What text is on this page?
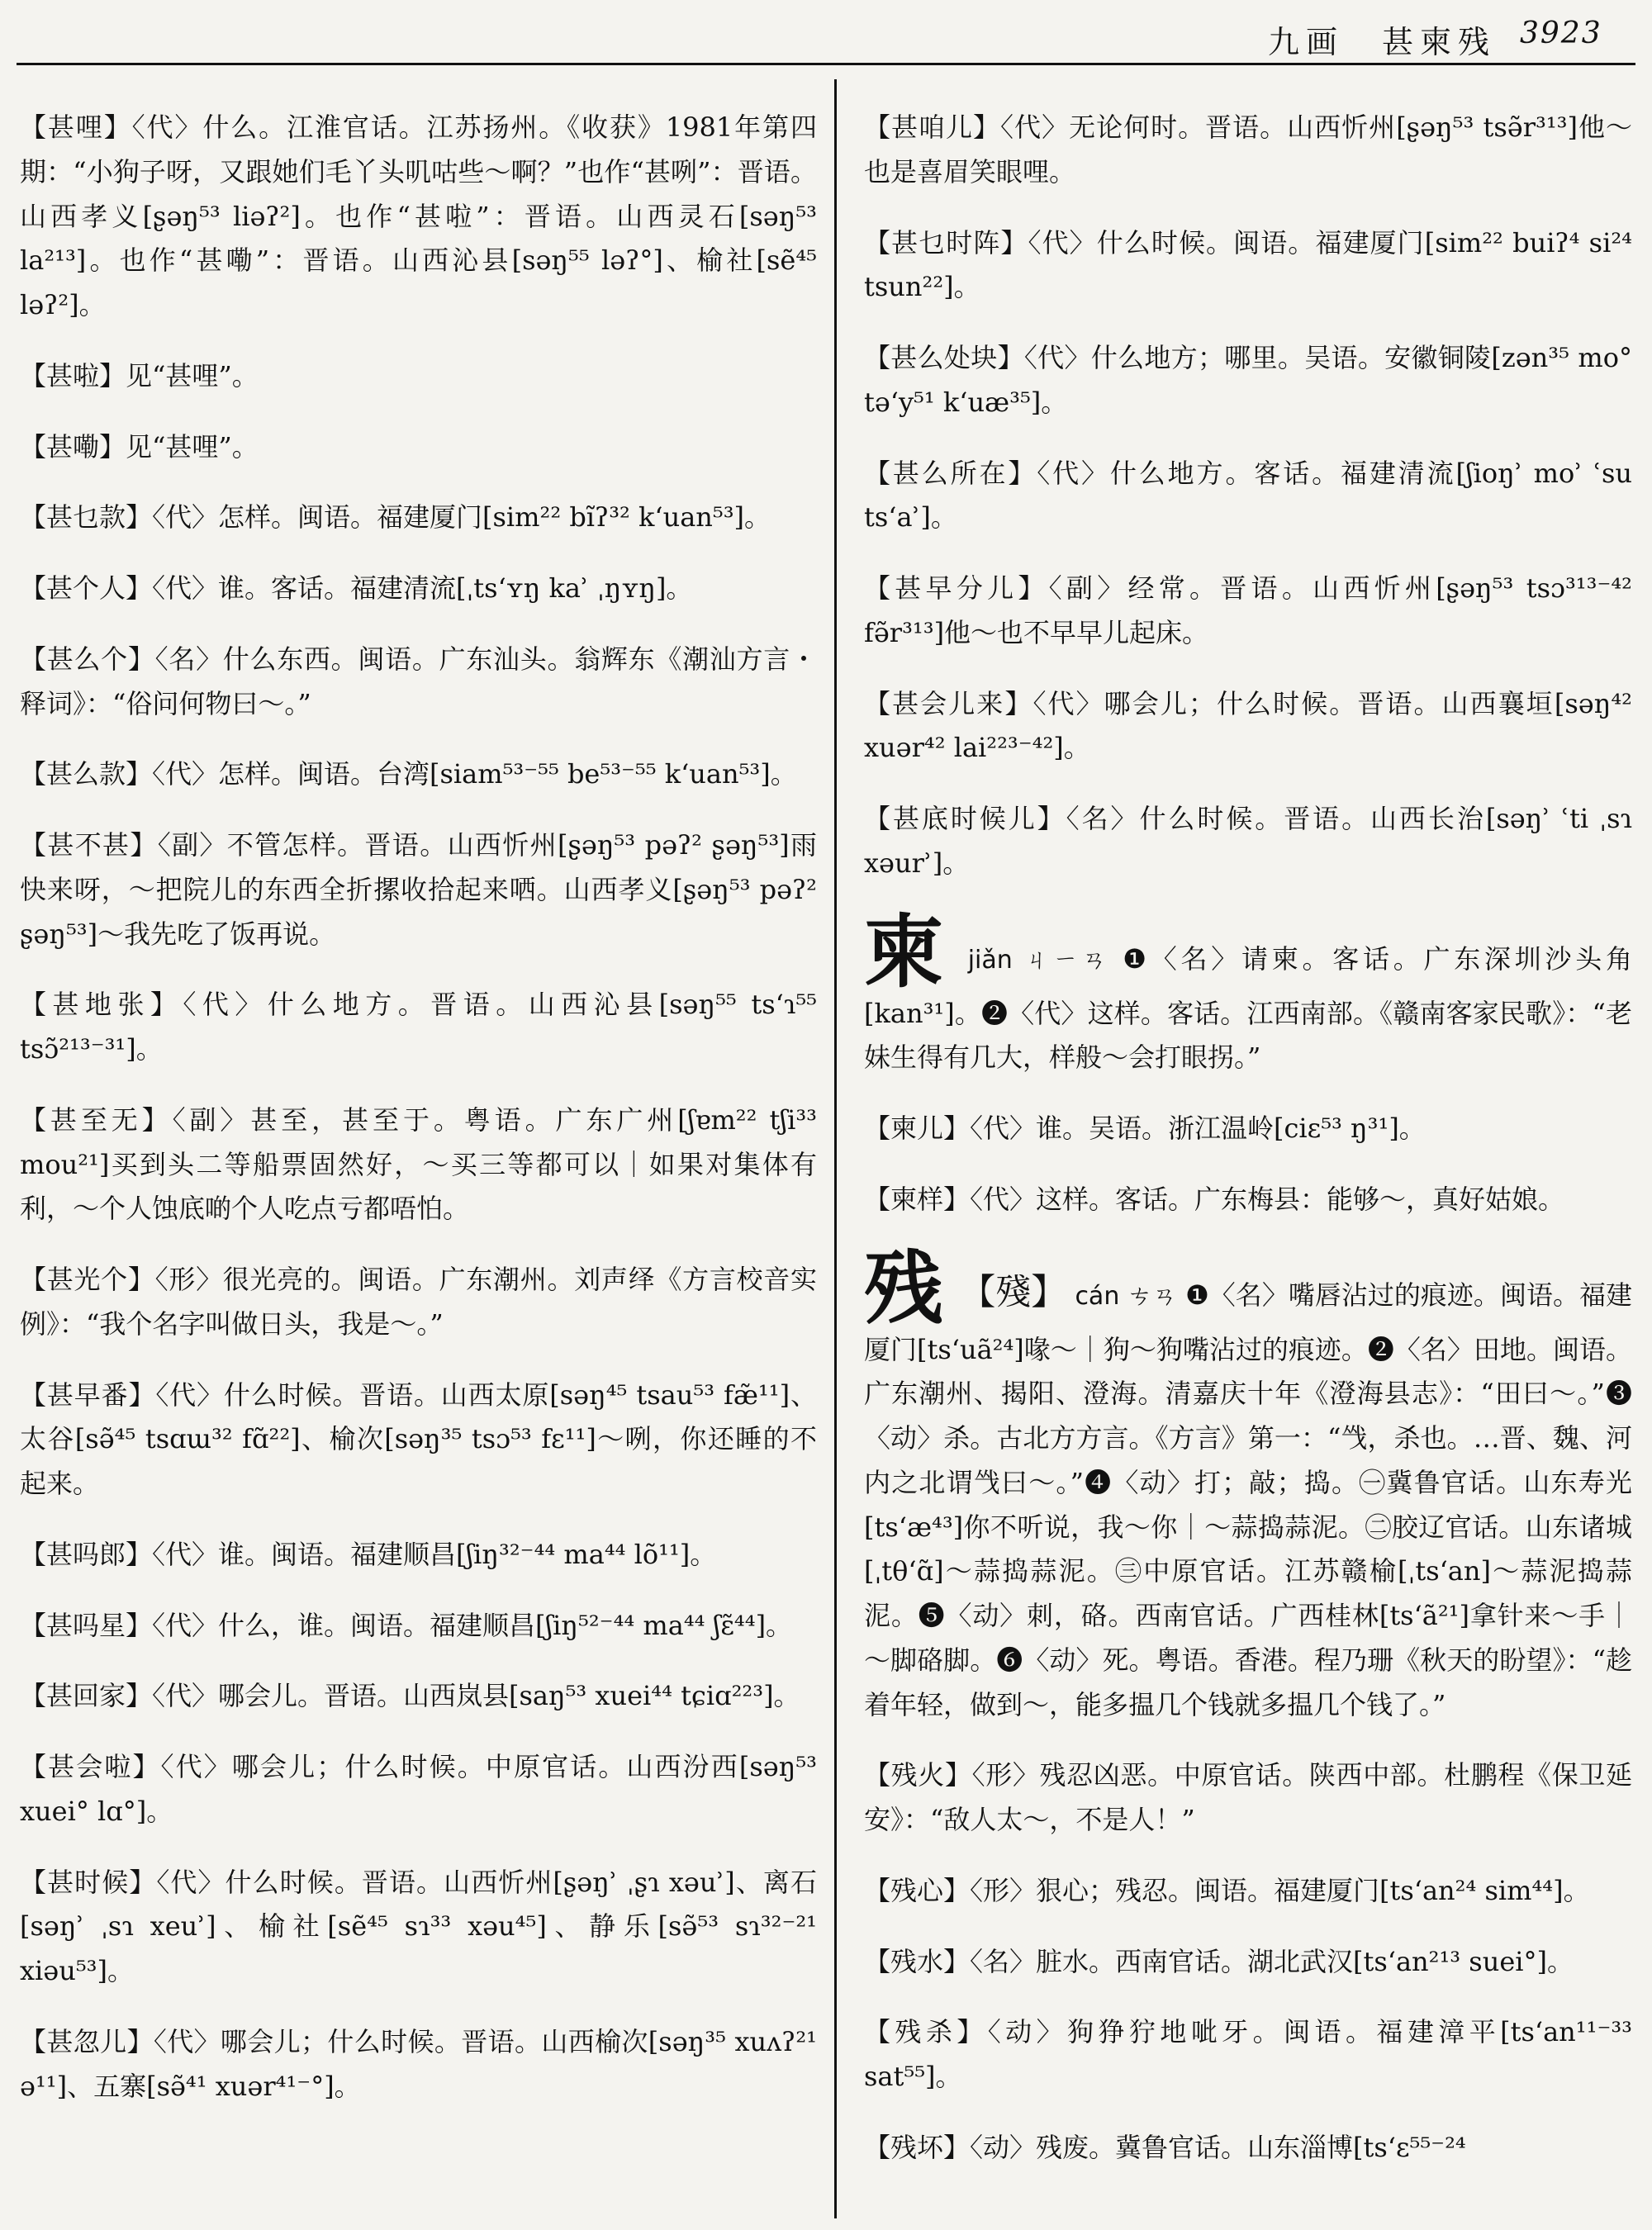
九画　甚柬残 3923

【甚哩】〈代〉什么。江淮官话。江苏扬州。《收获》1981年第四期：“小狗子呀，又跟她们毛丫头叽咕些～啊？”也作“甚咧”：晋语。山西孝义[ʂəŋ⁵³ liəʔ²]。也作“甚啦”：晋语。山西灵石[səŋ⁵³ la²¹³]。也作“甚嘞”：晋语。山西沁县[səŋ⁵⁵ ləʔ°]、榆社[sẽ⁴⁵ ləʔ²]。

【甚啦】见“甚哩”。

【甚嘞】见“甚哩”。

【甚乜款】〈代〉怎样。闽语。福建厦门[sim²² bĩʔ³² k‘uan⁵³]。

【甚个人】〈代〉谁。客话。福建清流[ˌts‘ʏŋ kaʾ ˌŋʏŋ]。

【甚么个】〈名〉什么东西。闽语。广东汕头。翁辉东《潮汕方言・释词》：“俗问何物曰～。”

【甚么款】〈代〉怎样。闽语。台湾[siam⁵³⁻⁵⁵ be⁵³⁻⁵⁵ k‘uan⁵³]。

【甚不甚】〈副〉不管怎样。晋语。山西忻州[ʂəŋ⁵³ pəʔ² ʂəŋ⁵³]雨快来呀，～把院儿的东西全折摞收拾起来哂。山西孝义[ʂəŋ⁵³ pəʔ² ʂəŋ⁵³]～我先吃了饭再说。

【甚地张】〈代〉什么地方。晋语。山西沁县[səŋ⁵⁵ ts‘ɿ⁵⁵ tsɔ̃²¹³⁻³¹]。

【甚至无】〈副〉甚至，甚至于。粤语。广东广州[ʃɐm²² tʃi³³ mou²¹]买到头二等船票固然好，～买三等都可以｜如果对集体有利，～个人蚀底啲个人吃点亏都唔怕。

【甚光个】〈形〉很光亮的。闽语。广东潮州。刘声绎《方言校音实例》：“我个名字叫做日头，我是～。”

【甚早番】〈代〉什么时候。晋语。山西太原[səŋ⁴⁵ tsau⁵³ fæ̃¹¹]、太谷[sə̃⁴⁵ tsɑɯ³² fɑ̃²²]、榆次[səŋ³⁵ tsɔ⁵³ fɛ¹¹]～咧，你还睡的不起来。

【甚吗郎】〈代〉谁。闽语。福建顺昌[ʃiŋ³²⁻⁴⁴ ma⁴⁴ lõ¹¹]。

【甚吗星】〈代〉什么，谁。闽语。福建顺昌[ʃiŋ⁵²⁻⁴⁴ ma⁴⁴ ʃɛ̃⁴⁴]。

【甚回家】〈代〉哪会儿。晋语。山西岚县[saŋ⁵³ xuei⁴⁴ tɕiɑ²²³]。

【甚会啦】〈代〉哪会儿；什么时候。中原官话。山西汾西[səŋ⁵³ xuei° lɑ°]。

【甚时候】〈代〉什么时候。晋语。山西忻州[ʂəŋʾ ˌʂɿ xəuʾ]、离石[səŋʾ ˌsɿ xeuʾ]、榆社[sẽ⁴⁵ sɿ³³ xəu⁴⁵]、静乐[sə̃⁵³ sɿ³²⁻²¹ xiəu⁵³]。

【甚忽儿】〈代〉哪会儿；什么时候。晋语。山西榆次[səŋ³⁵ xuʌʔ²¹ ə¹¹]、五寨[sə̃⁴¹ xuər⁴¹⁻°]。

【甚咱儿】〈代〉无论何时。晋语。山西忻州[ʂəŋ⁵³ tsə̃r³¹³]他～也是喜眉笑眼哩。

【甚乜时阵】〈代〉什么时候。闽语。福建厦门[sim²² buiʔ⁴ si²⁴ tsun²²]。

【甚么处块】〈代〉什么地方；哪里。吴语。安徽铜陵[zən³⁵ mo° tə‘y⁵¹ k‘uæ³⁵]。

【甚么所在】〈代〉什么地方。客话。福建清流[ʃioŋʾ moʾ ʿsu ts‘aʾ]。

【甚早分儿】〈副〉经常。晋语。山西忻州[ʂəŋ⁵³ tsɔ³¹³⁻⁴² fə̃r³¹³]他～也不早早儿起床。

【甚会儿来】〈代〉哪会儿；什么时候。晋语。山西襄垣[səŋ⁴² xuər⁴² lai²²³⁻⁴²]。

【甚底时候儿】〈名〉什么时候。晋语。山西长治[səŋʾ ʿti ˌsɿ xəurʾ]。

柬 jiǎn ㄐㄧㄢ ❶〈名〉请柬。客话。广东深圳沙头角[kan³¹]。❷〈代〉这样。客话。江西南部。《赣南客家民歌》：“老妹生得有几大，样般～会打眼拐。”

【柬儿】〈代〉谁。吴语。浙江温岭[ciɛ⁵³ ŋ³¹]。

【柬样】〈代〉这样。客话。广东梅县：能够～，真好姑娘。

残 【殘】 cán ㄘㄢ ❶〈名〉嘴唇沾过的痕迹。闽语。福建厦门[ts‘uã²⁴]喙～｜狗～狗嘴沾过的痕迹。❷〈名〉田地。闽语。广东潮州、揭阳、澄海。清嘉庆十年《澄海县志》：“田曰～。”❸〈动〉杀。古北方方言。《方言》第一：“㦰，杀也。…晋、魏、河内之北谓㦰曰～。”❹〈动〉打；敲；捣。㊀冀鲁官话。山东寿光[ts‘æ⁴³]你不听说，我～你｜～蒜捣蒜泥。㊁胶辽官话。山东诸城[ˌtθ‘ɑ̃]～蒜捣蒜泥。㊂中原官话。江苏赣榆[ˌts‘an]～蒜泥捣蒜泥。❺〈动〉刺，硌。西南官话。广西桂林[ts‘ã²¹]拿针来～手｜～脚硌脚。❻〈动〉死。粤语。香港。程乃珊《秋天的盼望》：“趁着年轻，做到～，能多揾几个钱就多揾几个钱了。”

【残火】〈形〉残忍凶恶。中原官话。陕西中部。杜鹏程《保卫延安》：“敌人太～，不是人！”

【残心】〈形〉狠心；残忍。闽语。福建厦门[ts‘an²⁴ sim⁴⁴]。

【残水】〈名〉脏水。西南官话。湖北武汉[ts‘an²¹³ suei°]。

【残杀】〈动〉狗狰狞地呲牙。闽语。福建漳平[ts‘an¹¹⁻³³ sat⁵⁵]。

【残坏】〈动〉残废。冀鲁官话。山东淄博[ts‘ɛ⁵⁵⁻²⁴
